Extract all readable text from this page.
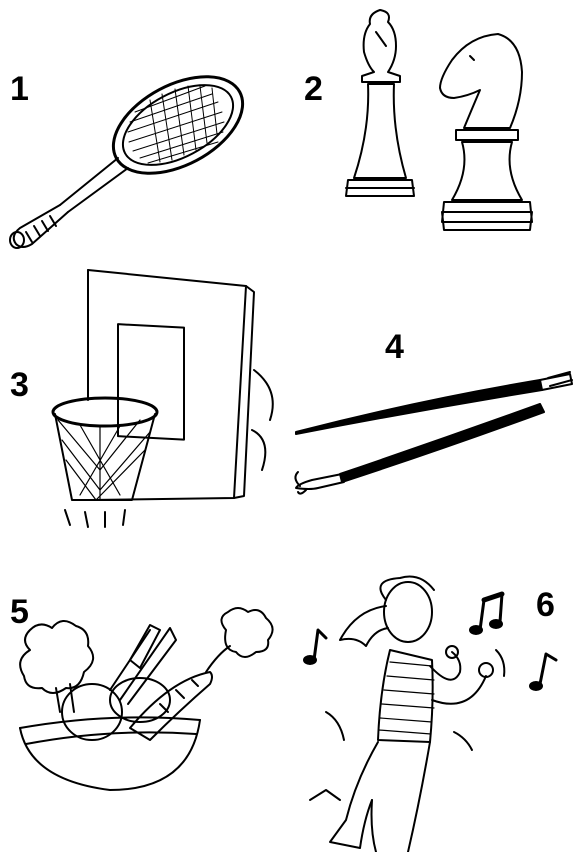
1	2
3
4
5	6
